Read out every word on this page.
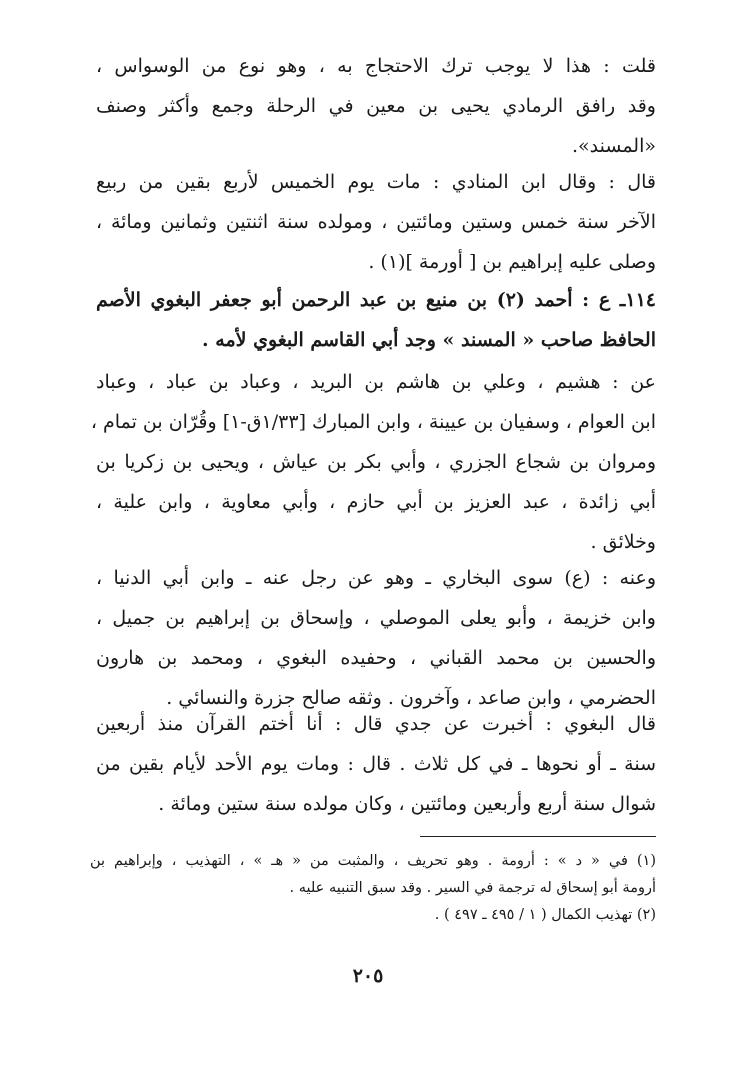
قلت : هذا لا يوجب ترك الاحتجاج به ، وهو نوع من الوسواس ،
وقد رافق الرمادي يحيى بن معين في الرحلة وجمع وأكثر وصنف
«المسند».
قال : وقال ابن المنادي : مات يوم الخميس لأربع بقين من ربيع
الآخر سنة خمس وستين ومائتين ، ومولده سنة اثنتين وثمانين ومائة ،
وصلى عليه إبراهيم بن [ أورمة ](١) .
١١٤ـ ع : أحمد (٢) بن منيع بن عبد الرحمن أبو جعفر البغوي الأصم
الحافظ صاحب « المسند » وجد أبي القاسم البغوي لأمه .
عن : هشيم ، وعلي بن هاشم بن البريد ، وعباد بن عباد ، وعباد
ابن العوام ، وسفيان بن عيينة ، وابن المبارك [١/٣٣ق-١] وقُرّان بن تمام ،
ومروان بن شجاع الجزري ، وأبي بكر بن عياش ، ويحيى بن زكريا بن
أبي زائدة ، عبد العزيز بن أبي حازم ، وأبي معاوية ، وابن علية ،
وخلائق .
وعنه : (ع) سوى البخاري ـ وهو عن رجل عنه ـ وابن أبي الدنيا ،
وابن خزيمة ، وأبو يعلى الموصلي ، وإسحاق بن إبراهيم بن جميل ،
والحسين بن محمد القباني ، وحفيده البغوي ، ومحمد بن هارون
الحضرمي ، وابن صاعد ، وآخرون . وثقه صالح جزرة والنسائي .
قال البغوي : أخبرت عن جدي قال : أنا أختم القرآن منذ أربعين
سنة ـ أو نحوها ـ في كل ثلاث . قال : ومات يوم الأحد لأيام بقين من
شوال سنة أربع وأربعين ومائتين ، وكان مولده سنة ستين ومائة .
(١) في « د » : أرومة . وهو تحريف ، والمثبت من « هـ » ، التهذيب ، وإبراهيم بن
أرومة أبو إسحاق له ترجمة في السير . وقد سبق التنبيه عليه .
(٢) تهذيب الكمال ( ١ / ٤٩٥ ـ ٤٩٧ ) .
٢٠٥
